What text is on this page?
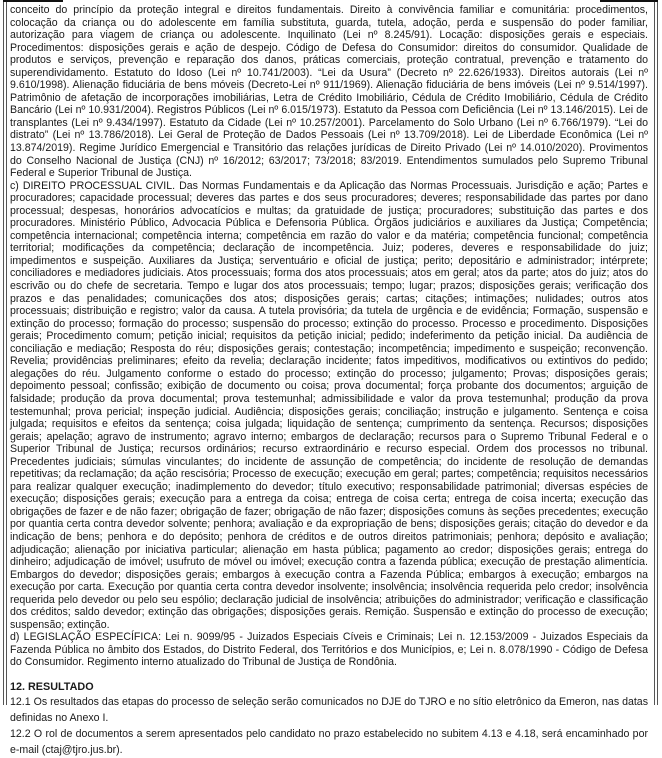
conceito do princípio da proteção integral e direitos fundamentais. Direito à convivência familiar e comunitária: procedimentos, colocação da criança ou do adolescente em família substituta, guarda, tutela, adoção, perda e suspensão do poder familiar, autorização para viagem de criança ou adolescente. Inquilinato (Lei nº 8.245/91). Locação: disposições gerais e especiais. Procedimentos: disposições gerais e ação de despejo. Código de Defesa do Consumidor: direitos do consumidor. Qualidade de produtos e serviços, prevenção e reparação dos danos, práticas comerciais, proteção contratual, prevenção e tratamento do superendividamento. Estatuto do Idoso (Lei nº 10.741/2003). “Lei da Usura” (Decreto nº 22.626/1933). Direitos autorais (Lei nº 9.610/1998). Alienação fiduciária de bens móveis (Decreto-Lei nº 911/1969). Alienação fiduciária de bens imóveis (Lei nº 9.514/1997). Patrimônio de afetação de incorporações imobiliárias, Letra de Crédito Imobiliário, Cédula de Crédito Imobiliário, Cédula de Crédito Bancário (Lei nº 10.931/2004). Registros Públicos (Lei nº 6.015/1973). Estatuto da Pessoa com Deficiência (Lei nº 13.146/2015). Lei de transplantes (Lei nº 9.434/1997). Estatuto da Cidade (Lei nº 10.257/2001). Parcelamento do Solo Urbano (Lei nº 6.766/1979). “Lei do distrato” (Lei nº 13.786/2018). Lei Geral de Proteção de Dados Pessoais (Lei nº 13.709/2018). Lei de Liberdade Econômica (Lei nº 13.874/2019). Regime Jurídico Emergencial e Transitório das relações jurídicas de Direito Privado (Lei nº 14.010/2020). Provimentos do Conselho Nacional de Justiça (CNJ) nº 16/2012; 63/2017; 73/2018; 83/2019. Entendimentos sumulados pelo Supremo Tribunal Federal e Superior Tribunal de Justiça.

c) DIREITO PROCESSUAL CIVIL. Das Normas Fundamentais e da Aplicação das Normas Processuais. Jurisdição e ação; Partes e procuradores; capacidade processual; deveres das partes e dos seus procuradores; deveres; responsabilidade das partes por dano processual; despesas, honorários advocatícios e multas; da gratuidade de justiça; procuradores; substituição das partes e dos procuradores. Ministério Público, Advocacia Pública e Defensoria Pública. Órgãos judiciários e auxiliares da Justiça; Competência; competência internacional; competência interna; competência em razão do valor e da matéria; competência funcional; competência territorial; modificações da competência; declaração de incompetência. Juiz; poderes, deveres e responsabilidade do juiz; impedimentos e suspeição. Auxiliares da Justiça; serventuário e oficial de justiça; perito; depositário e administrador; intérprete; conciliadores e mediadores judiciais. Atos processuais; forma dos atos processuais; atos em geral; atos da parte; atos do juiz; atos do escrivão ou do chefe de secretaria. Tempo e lugar dos atos processuais; tempo; lugar; prazos; disposições gerais; verificação dos prazos e das penalidades; comunicações dos atos; disposições gerais; cartas; citações; intimações; nulidades; outros atos processuais; distribuição e registro; valor da causa. A tutela provisória; da tutela de urgência e de evidência; Formação, suspensão e extinção do processo; formação do processo; suspensão do processo; extinção do processo. Processo e procedimento. Disposições gerais; Procedimento comum; petição inicial; requisitos da petição inicial; pedido; indeferimento da petição inicial. Da audiência de conciliação e mediação; Resposta do réu; disposições gerais; contestação; incompetência; impedimento e suspeição; reconvenção. Revelia; providências preliminares; efeito da revelia; declaração incidente; fatos impeditivos, modificativos ou extintivos do pedido; alegações do réu. Julgamento conforme o estado do processo; extinção do processo; julgamento; Provas; disposições gerais; depoimento pessoal; confissão; exibição de documento ou coisa; prova documental; força probante dos documentos; arguição de falsidade; produção da prova documental; prova testemunhal; admissibilidade e valor da prova testemunhal; produção da prova testemunhal; prova pericial; inspeção judicial. Audiência; disposições gerais; conciliação; instrução e julgamento. Sentença e coisa julgada; requisitos e efeitos da sentença; coisa julgada; liquidação de sentença; cumprimento da sentença. Recursos; disposições gerais; apelação; agravo de instrumento; agravo interno; embargos de declaração; recursos para o Supremo Tribunal Federal e o Superior Tribunal de Justiça; recursos ordinários; recurso extraordinário e recurso especial. Ordem dos processos no tribunal. Precedentes judiciais; súmulas vinculantes; do incidente de assunção de competência; do incidente de resolução de demandas repetitivas; da reclamação; da ação rescisória; Processo de execução; execução em geral; partes; competência; requisitos necessários para realizar qualquer execução; inadimplemento do devedor; título executivo; responsabilidade patrimonial; diversas espécies de execução; disposições gerais; execução para a entrega da coisa; entrega de coisa certa; entrega de coisa incerta; execução das obrigações de fazer e de não fazer; obrigação de fazer; obrigação de não fazer; disposições comuns às seções precedentes; execução por quantia certa contra devedor solvente; penhora; avaliação e da expropriação de bens; disposições gerais; citação do devedor e da indicação de bens; penhora e do depósito; penhora de créditos e de outros direitos patrimoniais; penhora; depósito e avaliação; adjudicação; alienação por iniciativa particular; alienação em hasta pública; pagamento ao credor; disposições gerais; entrega do dinheiro; adjudicação de imóvel; usufruto de móvel ou imóvel; execução contra a fazenda pública; execução de prestação alimentícia. Embargos do devedor; disposições gerais; embargos à execução contra a Fazenda Pública; embargos à execução; embargos na execução por carta. Execução por quantia certa contra devedor insolvente; insolvência; insolvência requerida pelo credor; insolvência requerida pelo devedor ou pelo seu espólio; declaração judicial de insolvência; atribuições do administrador; verificação e classificação dos créditos; saldo devedor; extinção das obrigações; disposições gerais. Remição. Suspensão e extinção do processo de execução; suspensão; extinção.

d) LEGISLAÇÃO ESPECÍFICA: Lei n. 9099/95 - Juizados Especiais Cíveis e Criminais; Lei n. 12.153/2009 - Juizados Especiais da Fazenda Pública no âmbito dos Estados, do Distrito Federal, dos Territórios e dos Municípios, e; Lei n. 8.078/1990 - Código de Defesa do Consumidor. Regimento interno atualizado do Tribunal de Justiça de Rondônia.

12. RESULTADO

12.1 Os resultados das etapas do processo de seleção serão comunicados no DJE do TJRO e no sítio eletrônico da Emeron, nas datas definidas no Anexo I.

12.2 O rol de documentos a serem apresentados pelo candidato no prazo estabelecido no subitem 4.13 e 4.18, será encaminhado por e-mail (ctaj@tjro.jus.br).
